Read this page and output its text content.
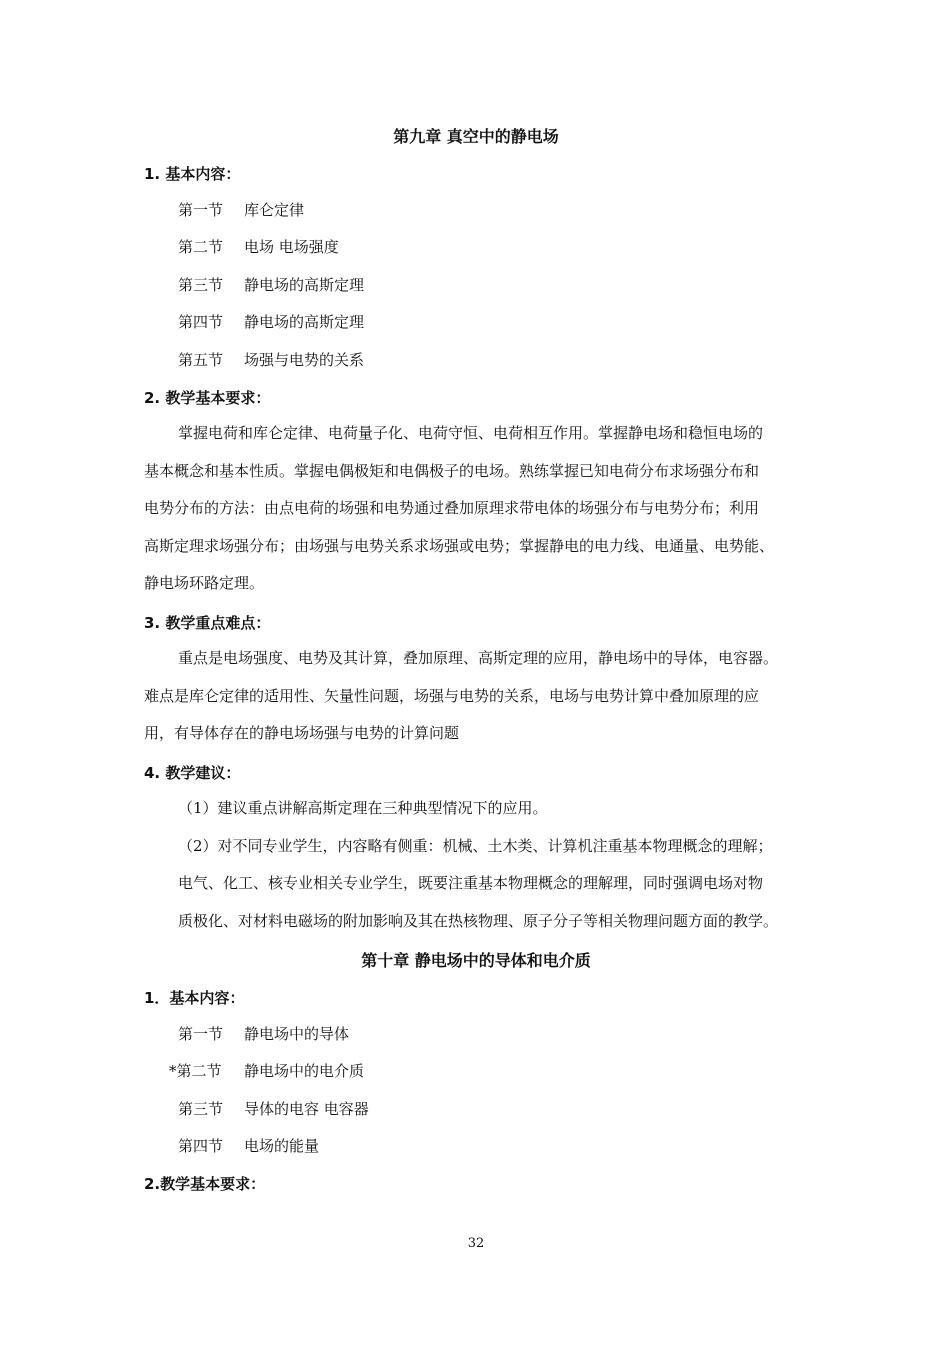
第九章 真空中的静电场
1. 基本内容：
第一节 库仑定律
第二节 电场 电场强度
第三节 静电场的高斯定理
第四节 静电场的高斯定理
第五节 场强与电势的关系
2. 教学基本要求：
掌握电荷和库仑定律、电荷量子化、电荷守恒、电荷相互作用。掌握静电场和稳恒电场的
基本概念和基本性质。掌握电偶极矩和电偶极子的电场。熟练掌握已知电荷分布求场强分布和
电势分布的方法：由点电荷的场强和电势通过叠加原理求带电体的场强分布与电势分布；利用
高斯定理求场强分布；由场强与电势关系求场强或电势；掌握静电的电力线、电通量、电势能、
静电场环路定理。
3. 教学重点难点：
重点是电场强度、电势及其计算，叠加原理、高斯定理的应用，静电场中的导体，电容器。
难点是库仑定律的适用性、矢量性问题，场强与电势的关系，电场与电势计算中叠加原理的应
用，有导体存在的静电场场强与电势的计算问题
4. 教学建议：
（1）建议重点讲解高斯定理在三种典型情况下的应用。
（2）对不同专业学生，内容略有侧重：机械、土木类、计算机注重基本物理概念的理解；
电气、化工、核专业相关专业学生，既要注重基本物理概念的理解理，同时强调电场对物
质极化、对材料电磁场的附加影响及其在热核物理、原子分子等相关物理问题方面的教学。
第十章 静电场中的导体和电介质
1．基本内容：
第一节 静电场中的导体
*第二节 静电场中的电介质
第三节 导体的电容 电容器
第四节 电场的能量
2.教学基本要求：
32
